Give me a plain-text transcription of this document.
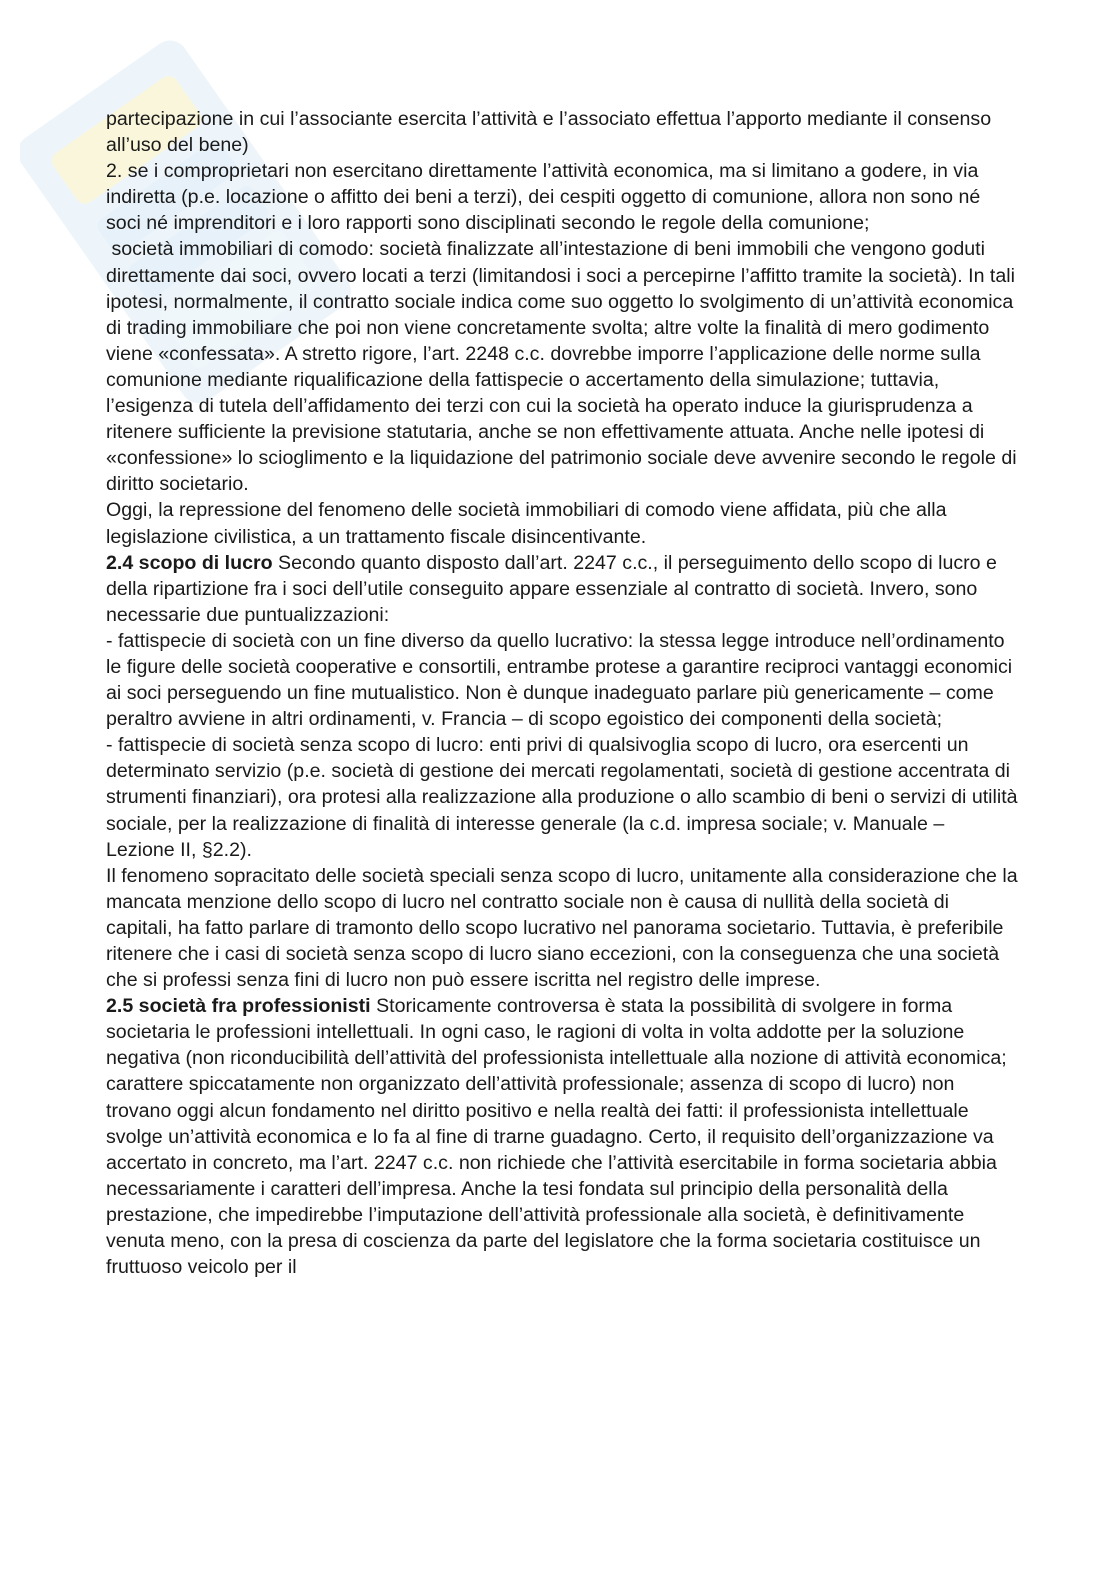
partecipazione in cui l’associante esercita l’attività e l’associato effettua l’apporto mediante il consenso all’uso del bene)

2. se i comproprietari non esercitano direttamente l’attività economica, ma si limitano a godere, in via indiretta (p.e. locazione o affitto dei beni a terzi), dei cespiti oggetto di comunione, allora non sono né soci né imprenditori e i loro rapporti sono disciplinati secondo le regole della comunione;

società immobiliari di comodo: società finalizzate all’intestazione di beni immobili che vengono goduti direttamente dai soci, ovvero locati a terzi (limitandosi i soci a percepirne l’affitto tramite la società). In tali ipotesi, normalmente, il contratto sociale indica come suo oggetto lo svolgimento di un’attività economica di trading immobiliare che poi non viene concretamente svolta; altre volte la finalità di mero godimento viene «confessata». A stretto rigore, l’art. 2248 c.c. dovrebbe imporre l’applicazione delle norme sulla comunione mediante riqualificazione della fattispecie o accertamento della simulazione; tuttavia, l’esigenza di tutela dell’affidamento dei terzi con cui la società ha operato induce la giurisprudenza a ritenere sufficiente la previsione statutaria, anche se non effettivamente attuata. Anche nelle ipotesi di «confessione» lo scioglimento e la liquidazione del patrimonio sociale deve avvenire secondo le regole di diritto societario.

Oggi, la repressione del fenomeno delle società immobiliari di comodo viene affidata, più che alla legislazione civilistica, a un trattamento fiscale disincentivante.

2.4 scopo di lucro Secondo quanto disposto dall’art. 2247 c.c., il perseguimento dello scopo di lucro e della ripartizione fra i soci dell’utile conseguito appare essenziale al contratto di società. Invero, sono necessarie due puntualizzazioni:

- fattispecie di società con un fine diverso da quello lucrativo: la stessa legge introduce nell’ordinamento le figure delle società cooperative e consortili, entrambe protese a garantire reciproci vantaggi economici ai soci perseguendo un fine mutualistico. Non è dunque inadeguato parlare più genericamente – come peraltro avviene in altri ordinamenti, v. Francia – di scopo egoistico dei componenti della società;

- fattispecie di società senza scopo di lucro: enti privi di qualsivoglia scopo di lucro, ora esercenti un determinato servizio (p.e. società di gestione dei mercati regolamentati, società di gestione accentrata di strumenti finanziari), ora protesi alla realizzazione alla produzione o allo scambio di beni o servizi di utilità sociale, per la realizzazione di finalità di interesse generale (la c.d. impresa sociale; v. Manuale – Lezione II, §2.2).

Il fenomeno sopracitato delle società speciali senza scopo di lucro, unitamente alla considerazione che la mancata menzione dello scopo di lucro nel contratto sociale non è causa di nullità della società di capitali, ha fatto parlare di tramonto dello scopo lucrativo nel panorama societario. Tuttavia, è preferibile ritenere che i casi di società senza scopo di lucro siano eccezioni, con la conseguenza che una società che si professi senza fini di lucro non può essere iscritta nel registro delle imprese.

2.5 società fra professionisti Storicamente controversa è stata la possibilità di svolgere in forma societaria le professioni intellettuali. In ogni caso, le ragioni di volta in volta addotte per la soluzione negativa (non riconducibilità dell’attività del professionista intellettuale alla nozione di attività economica; carattere spiccatamente non organizzato dell’attività professionale; assenza di scopo di lucro) non trovano oggi alcun fondamento nel diritto positivo e nella realtà dei fatti: il professionista intellettuale svolge un’attività economica e lo fa al fine di trarne guadagno. Certo, il requisito dell’organizzazione va accertato in concreto, ma l’art. 2247 c.c. non richiede che l’attività esercitabile in forma societaria abbia necessariamente i caratteri dell’impresa. Anche la tesi fondata sul principio della personalità della prestazione, che impedirebbe l’imputazione dell’attività professionale alla società, è definitivamente venuta meno, con la presa di coscienza da parte del legislatore che la forma societaria costituisce un fruttuoso veicolo per il
